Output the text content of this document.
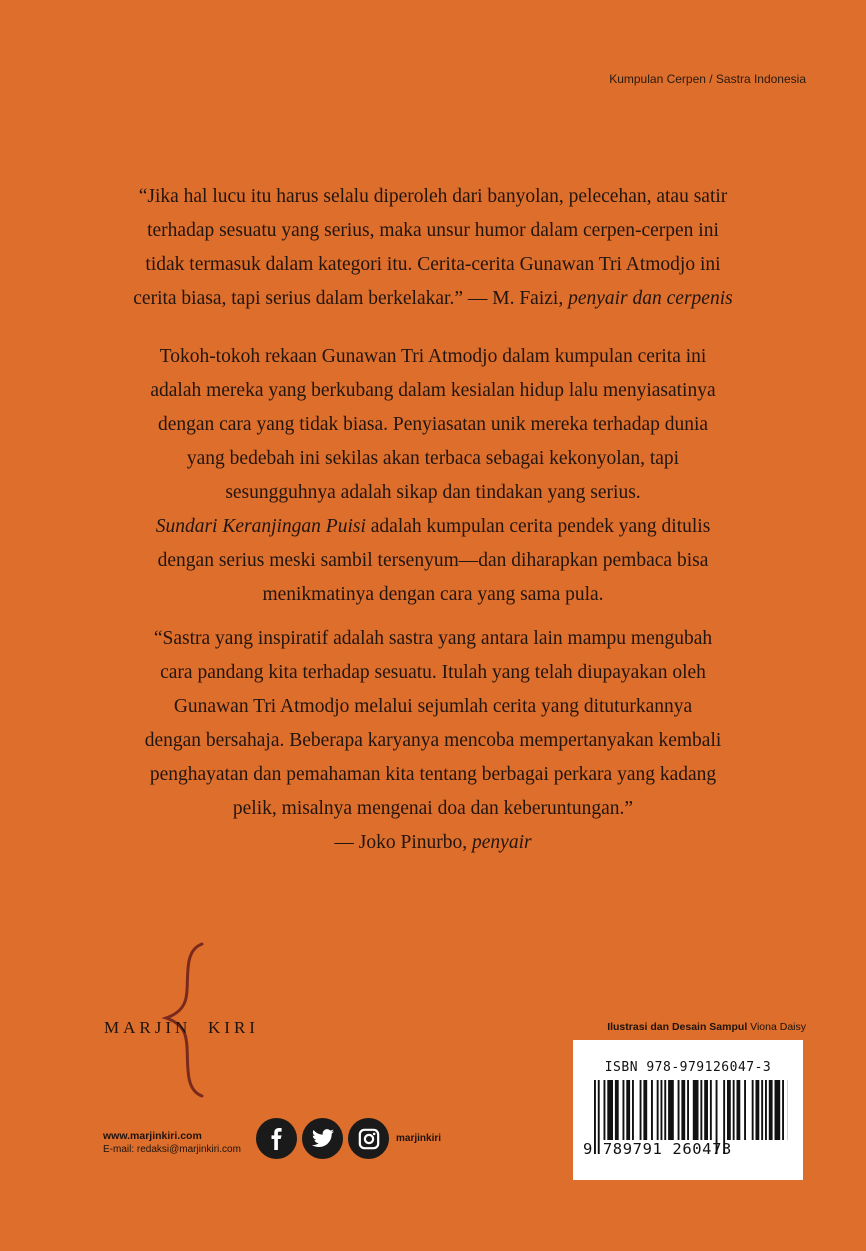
Kumpulan Cerpen / Sastra Indonesia
“Jika hal lucu itu harus selalu diperoleh dari banyolan, pelecehan, atau satir
terhadap sesuatu yang serius, maka unsur humor dalam cerpen-cerpen ini
tidak termasuk dalam kategori itu. Cerita-cerita Gunawan Tri Atmodjo ini
cerita biasa, tapi serius dalam berkelakar.” — M. Faizi, penyair dan cerpenis
Tokoh-tokoh rekaan Gunawan Tri Atmodjo dalam kumpulan cerita ini
adalah mereka yang berkubang dalam kesialan hidup lalu menyiasatinya
dengan cara yang tidak biasa. Penyiasatan unik mereka terhadap dunia
yang bedebah ini sekilas akan terbaca sebagai kekonyolan, tapi
sesungguhnya adalah sikap dan tindakan yang serius.
Sundari Keranjingan Puisi adalah kumpulan cerita pendek yang ditulis
dengan serius meski sambil tersenyum—dan diharapkan pembaca bisa
menikmatinya dengan cara yang sama pula.
“Sastra yang inspiratif adalah sastra yang antara lain mampu mengubah
cara pandang kita terhadap sesuatu. Itulah yang telah diupayakan oleh
Gunawan Tri Atmodjo melalui sejumlah cerita yang dituturkannya
dengan bersahaja. Beberapa karyanya mencoba mempertanyakan kembali
penghayatan dan pemahaman kita tentang berbagai perkara yang kadang
pelik, misalnya mengenai doa dan keberuntungan.”
— Joko Pinurbo, penyair
MARJIN KIRI
www.marjinkiri.com
E-mail: redaksi@marjinkiri.com
marjinkiri
Ilustrasi dan Desain Sampul Viona Daisy
ISBN 978-979126047-3
9 789791 260473
